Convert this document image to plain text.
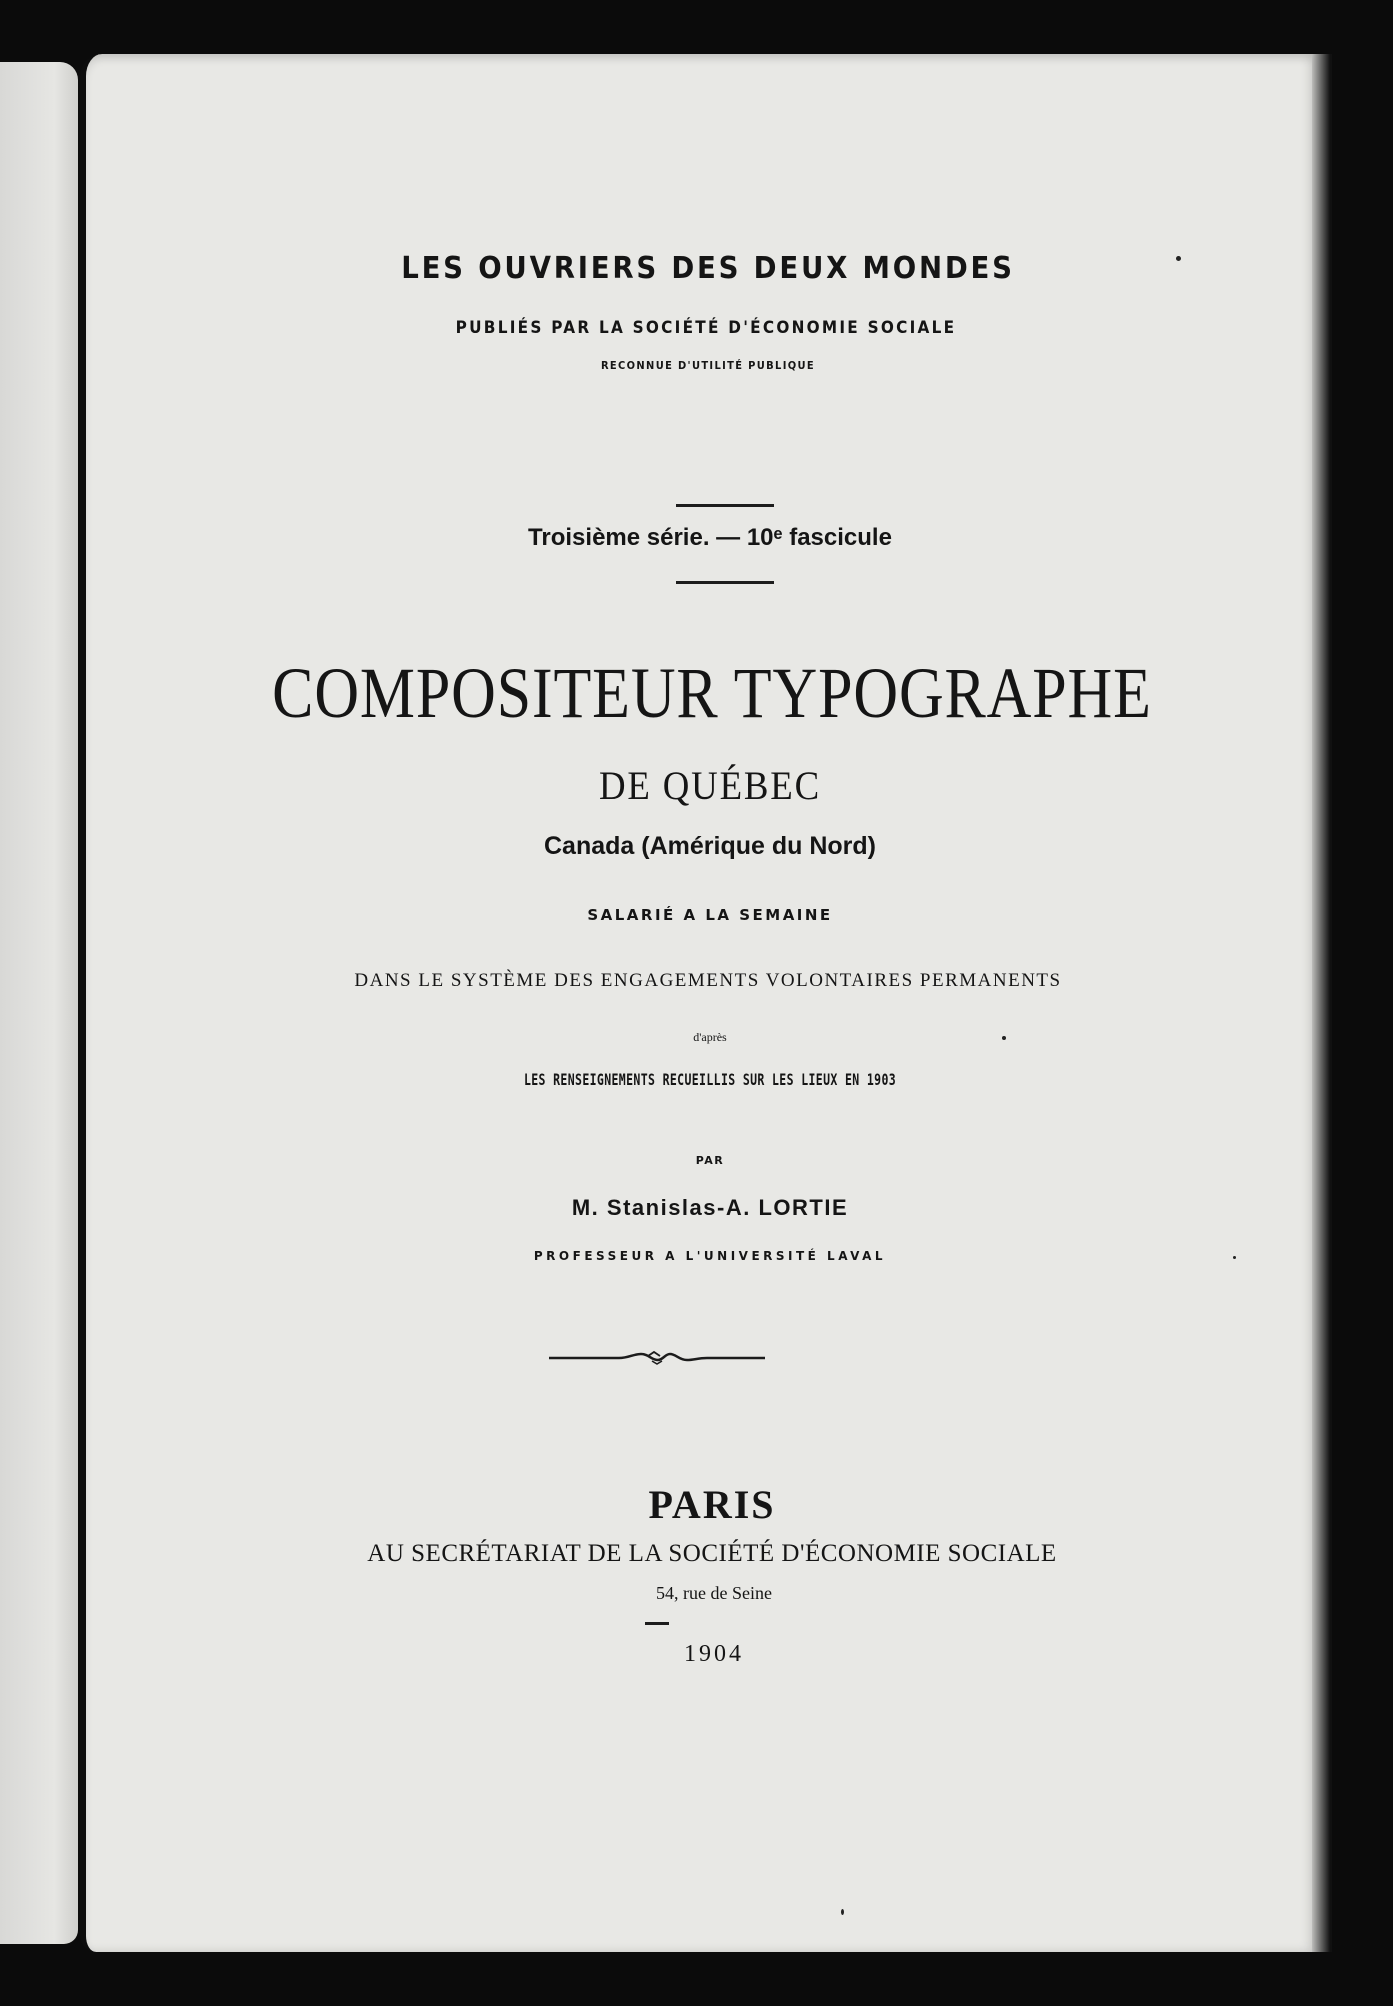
LES OUVRIERS DES DEUX MONDES
PUBLIÉS PAR LA SOCIÉTÉ D'ÉCONOMIE SOCIALE
RECONNUE D'UTILITÉ PUBLIQUE
Troisième série. — 10ᵉ fascicule
COMPOSITEUR TYPOGRAPHE
DE QUÉBEC
Canada (Amérique du Nord)
SALARIÉ A LA SEMAINE
DANS LE SYSTÈME DES ENGAGEMENTS VOLONTAIRES PERMANENTS
d'après
LES RENSEIGNEMENTS RECUEILLIS SUR LES LIEUX EN 1903
PAR
M. Stanislas-A. LORTIE
PROFESSEUR A L'UNIVERSITÉ LAVAL
PARIS
AU SECRÉTARIAT DE LA SOCIÉTÉ D'ÉCONOMIE SOCIALE
54, rue de Seine
1904
